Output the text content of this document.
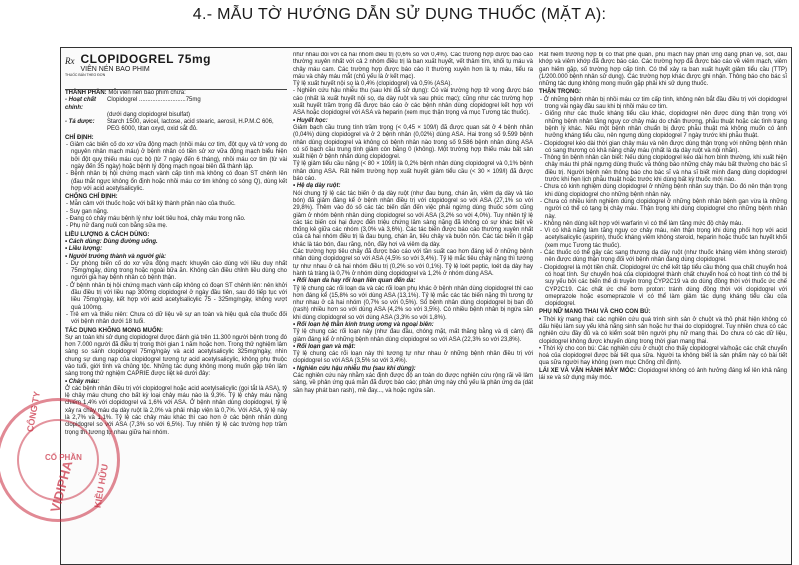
4.- MẪU TỜ HƯỚNG DẪN SỬ DỤNG THUỐC (MẶT A):
Rx
THUỐC BÁN THEO ĐƠN
CLOPIDOGREL 75mg
VIÊN NÉN BAO PHIM
THÀNH PHẦN: Mỗi viên nén bao phim chứa:
- Hoạt chất chính:
Clopidogrel ............................75mg
(dưới dạng clopidogrel bisulfat)
- Tá dược:	Starch 1500, avicel, lactose, acid stearic, aerosil, H.P.M.C 606, PEG 6000, titan oxyd, oxid sắt đỏ.
CHỈ ĐỊNH:
- Giảm các biến cố do xơ vữa động mạch (nhồi máu cơ tim, đột quỵ và tử vong do nguyên nhân mạch máu) ở bệnh nhân có tiền sử xơ vữa động mạch biểu hiện bởi đột quỵ thiếu máu cục bộ (từ 7 ngày đến 6 tháng), nhồi máu cơ tim (từ vài ngày đến 35 ngày) hoặc bệnh lý động mạch ngoại biên đã thành lập.
- Bệnh nhân bị hội chứng mạch vành cấp tính mà không có đoạn ST chênh lên (đau thắt ngực không ổn định hoặc nhồi máu cơ tim không có sóng Q), dùng kết hợp với acid acetylsalicylic.
CHỐNG CHỈ ĐỊNH:
- Mẫn cảm với thuốc hoặc với bất kỳ thành phần nào của thuốc.
- Suy gan nặng.
- Đang có chảy máu bệnh lý như loét tiêu hoá, chảy máu trong não.
- Phụ nữ đang nuôi con bằng sữa mẹ.
LIỀU LƯỢNG & CÁCH DÙNG:
• Cách dùng: Dùng đường uống.
• Liều lượng:
• Người trưởng thành và người già:
- Dự phòng biến cố do xơ vữa động mạch: khuyến cáo dùng với liều duy nhất 75mg/ngày, dùng trong hoặc ngoài bữa ăn. Không cần điều chỉnh liều dùng cho người già hay bệnh nhân có bệnh thận.
- Ở bệnh nhân bị hội chứng mạch vành cấp không có đoạn ST chênh lên: nên khởi đầu điều trị với liều nạp 300mg clopidogrel ở ngày đầu tiên, sau đó tiếp tục với liều 75mg/ngày, kết hợp với acid acetylsalicylic 75 - 325mg/ngày, không vượt quá 100mg.
- Trẻ em và thiếu niên: Chưa có dữ liệu về sự an toàn và hiệu quả của thuốc đối với bệnh nhân dưới 18 tuổi.
TÁC DỤNG KHÔNG MONG MUỐN:
Sự an toàn khi sử dụng clopidogrel được đánh giá trên 11.300 người bệnh trong đó hơn 7.000 người đã điều trị trong thời gian 1 năm hoặc hơn. Trong thử nghiệm lâm sàng so sánh clopidogrel 75mg/ngày và acid acetylsalicylic 325mg/ngày, nhìn chung sự dung nạp của clopidogrel tương tự acid acetylsalicylic, không phụ thuộc vào tuổi, giới tính và chủng tộc. Những tác dụng không mong muốn gặp trên lâm sàng trong thử nghiệm CAPRIE được liệt kê dưới đây:
• Chảy máu:
Ở các bệnh nhân điều trị với clopidogrel hoặc acid acetylsalicylic (gọi tắt là ASA), tỷ lệ chảy máu chung cho bất kỳ loại chảy máu nào là 9,3%. Tỷ lệ chảy máu nặng chiếm 1,4% với clopidogrel và 1,6% với ASA. Ở bệnh nhân dùng clopidogrel, tỷ lệ xảy ra chảy máu dạ dày ruột là 2,0% và phải nhập viện là 0,7%. Với ASA, tỷ lệ này là 2,7% và 1,1%. Tỷ lệ các chảy máu khác thì cao hơn ở các bệnh nhân dùng clopidogrel so với ASA (7,3% so với 6,5%). Tuy nhiên tỷ lệ các trường hợp trầm trọng thì tương tự nhau giữa hai nhóm.
như nhau đối với cả hai nhóm điều trị (0,6% so với 0,4%). Các trường hợp được báo cáo thường xuyên nhất với cả 2 nhóm điều trị là ban xuất huyết, vết thâm tím, khối tụ máu và chảy máu cam. Các trường hợp được báo cáo ít thường xuyên hơn là tụ máu, tiểu ra máu và chảy máu mắt (chủ yếu là ở kết mạc).
Tỷ lệ xuất huyết nội sọ là 0,4% (clopidogrel) và 0,5% (ASA).
- Nghiên cứu hậu nhiễu thu (sau khi đã sử dụng): Có vài trường hợp tử vong được báo cáo (nhất là xuất huyết nội sọ, dạ dày ruột và sau phúc mạc); cũng như các trường hợp xuất huyết trầm trọng đã được báo cáo ở các bệnh nhân dùng clopidogrel kết hợp với ASA hoặc clopidogrel với ASA và heparin (xem mục thận trọng và mục Tương tác thuốc).
• Huyết học:
Giảm bạch cầu trung tính trầm trọng (< 0,45 × 109/l) đã được quan sát ở 4 bệnh nhân (0,04%) dùng clopidogrel và ở 2 bệnh nhân (0,02%) dùng ASA. Hai trong số 9.599 bệnh nhân dùng clopidogrel và không có bệnh nhân nào trong số 9.586 bệnh nhân dùng ASA có số bạch cầu trung tính giảm còn bằng 0 (không). Một trường hợp thiếu máu bất sản xuất hiện ở bệnh nhân dùng clopidogrel.
Tỷ lệ giảm tiểu cầu nặng (< 80 × 109/l) là 0,2% bệnh nhân dùng clopidogrel và 0,1% bệnh nhân dùng ASA. Rất hiếm trường hợp xuất huyết giảm tiểu cầu (< 30 × 109/l) đã được báo cáo.
• Hệ dạ dày ruột:
Nói chung tỷ lệ các tác biến ở dạ dày ruột (như đau bụng, chán ăn, viêm dạ dày và táo bón) đã giảm đáng kể ở bệnh nhân điều trị với clopidogrel so với ASA (27,1% so với 29,8%). Thêm vào đó số các tác biến dẫn đến việc phải ngừng dùng thuốc sớm cũng giảm ở nhóm bệnh nhân dùng clopidogrel so với ASA (3,2% so với 4,0%). Tuy nhiên tỷ lệ các tác biến coi hại được đến triệu chứng lâm sàng nặng đã không có sự khác biệt về thống kê giữa các nhóm (3,0% và 3,6%). Các tác biến được báo cáo thường xuyên nhất của cả hai nhóm điều trị là đau bụng, chán ăn, tiêu chảy và buồn nôn. Các tác biến ít gặp khác là táo bón, đau răng, nôn, đầy hơi và viêm dạ dày.
Các trường hợp tiêu chảy đã được báo cáo với tần suất cao hơn đáng kể ở những bệnh nhân dùng clopidogrel so với ASA (4,5% so với 3,4%). Tỷ lệ mắc tiêu chảy nặng thì tương tự như nhau ở cả hai nhóm điều trị (0,2% so với 0,1%). Tỷ lệ loét peptic, loét dạ dày hay hành tá tràng là 0,7% ở nhóm dùng clopidogrel và 1,2% ở nhóm dùng ASA.
• Rối loạn da hay rối loạn liên quan đến da:
Tỷ lệ chung các rối loạn da và các rối loạn phụ khác ở bệnh nhân dùng clopidogrel thì cao hơn đáng kể (15,8% so với dùng ASA (13,1%). Tỷ lệ mắc các tác biến nặng thì tương tự như nhau ở cả hai nhóm (0,7% so với 0,5%). Số bệnh nhân dùng clopidogrel bị ban đỏ (rash) nhiều hơn so với dùng ASA (4,2% so với 3,5%). Có nhiều bệnh nhân bị ngứa sần khi dùng clopidogrel so với dùng ASA (3,3% so với 1,8%).
• Rối loạn hệ thần kinh trung ương và ngoại biên:
Tỷ lệ chung các rối loạn này (như đau đầu, chóng mặt, mất thăng bằng và dị cảm) đã giảm đáng kể ở những bệnh nhân dùng clopidogrel so với ASA (22,3% so với 23,8%).
• Rối loạn gan và mật:
Tỷ lệ chung các rối loạn này thì tương tự như nhau ở những bệnh nhân điều trị với clopidogrel so với ASA (3,5% so với 3,4%).
• Nghiên cứu hậu nhiễu thu (sau khi dùng):
Các nghiên cứu này nhằm xác định được độ an toàn do được nghiên cứu rộng rãi về lâm sàng, về phản ứng quá mẫn đã được báo cáo; phản ứng này chủ yếu là phản ứng da (dát sần hay phát ban rash), mề đay..., và hoặc ngứa sần.
Rất hiếm trường hợp bị co thắt phế quản, phù mạch hay phản ứng dạng phản vệ, sốt, đau khớp và viêm khớp đã được báo cáo. Các trường hợp đã được báo cáo về viêm mạch, viêm gan hiếm gặp, số trường hợp cấp tính. Có thể xảy ra ban xuất huyết giảm tiểu cầu (TTP) (1/200.000 bệnh nhân sử dụng). Các trường hợp khác được ghi nhận. Thông báo cho bác sĩ những tác dụng không mong muốn gặp phải khi sử dụng thuốc.
THẬN TRỌNG:
- Ở những bệnh nhân bị nhồi máu cơ tim cấp tính, không nên bắt đầu điều trị với clopidogrel trong vài ngày đầu sau khi bị nhồi máu cơ tim.
- Giống như các thuốc kháng tiểu cầu khác, clopidogrel nên được dùng thận trọng với những bệnh nhân tăng nguy cơ chảy máu do chấn thương, phẫu thuật hoặc các tình trạng bệnh lý khác. Nếu một bệnh nhân chuẩn bị được phẫu thuật mà không muốn có ảnh hưởng kháng tiểu cầu, nên ngưng dùng clopidogrel 7 ngày trước khi phẫu thuật.
- Clopidogrel kéo dài thời gian chảy máu và nên được dùng thận trọng với những bệnh nhân có sang thương có khả năng chảy máu (nhất là dạ dày ruột và nội nhãn).
- Thông tin bệnh nhân cần biết: Nếu dùng clopidogrel kéo dài hơn bình thường, khi xuất hiện chảy máu thì phải ngưng dùng thuốc và thông báo những chảy máu bất thường cho bác sĩ điều trị. Người bệnh nên thông báo cho bác sĩ và nha sĩ biết mình đang dùng clopidogrel trước khi hẹn lịch phẫu thuật hoặc trước khi dùng bất kỳ thuốc mới nào.
- Chưa có kinh nghiệm dùng clopidogrel ở những bệnh nhân suy thận. Do đó nên thận trọng khi dùng clopidogrel cho những bệnh nhân này.
- Chưa có nhiều kinh nghiệm dùng clopidogrel ở những bệnh nhân bệnh gan vừa là những người có thể có tạng bị chảy máu. Thận trọng khi dùng clopidogrel cho những bệnh nhân này.
- Không nên dùng kết hợp với warfarin vì có thể làm tăng mức độ chảy máu.
- Vì có khả năng làm tăng nguy cơ chảy máu, nên thận trọng khi dùng phối hợp với acid acetylsalicylic (aspirin), thuốc kháng viêm không steroid, heparin hoặc thuốc tan huyết khối (xem mục Tương tác thuốc).
- Các thuốc có thể gây các sang thương dạ dày ruột (như thuốc kháng viêm không steroid) nên được dùng thận trọng đối với bệnh nhân đang dùng clopidogrel.
- Clopidogrel là một tiền chất. Clopidogrel ức chế kết tập tiểu cầu thông qua chất chuyển hoá có hoạt tính. Sự chuyển hoá của clopidogrel thành chất chuyển hoá có hoạt tính có thể bị suy yếu bởi các biến thể di truyền trong CYP2C19 và do dùng đồng thời với thuốc ức chế CYP2C19. Các chất ức chế bơm proton: tránh dùng đồng thời với clopidogrel với omeprazole hoặc esomeprazole vì có thể làm giảm tác dụng kháng tiểu cầu của clopidogrel.
PHỤ NỮ MANG THAI VÀ CHO CON BÚ:
• Thời kỳ mang thai: các nghiên cứu quá trình sinh sản ở chuột và thỏ phát hiện không có dấu hiệu làm suy yếu khả năng sinh sản hoặc hư thai do clopidogrel. Tuy nhiên chưa có các nghiên cứu đầy đủ và có kiểm soát trên người phụ nữ mang thai. Do chưa có các dữ liệu, clopidogrel không được khuyến dùng trong thời gian mang thai.
• Thời kỳ cho con bú: Các nghiên cứu ở chuột cho thấy clopidogrel và/hoặc các chất chuyển hoá của clopidogrel được bài tiết qua sữa. Người ta không biết là sản phẩm này có bài tiết qua sữa người hay không (xem mục Chống chỉ định).
LÁI XE VÀ VẬN HÀNH MÁY MÓC: Clopidogrel không có ảnh hưởng đáng kể lên khả năng lái xe và sử dụng máy móc.
CÔNG TY
CỔ PHẦN
VIDIPHA KIỀU HỮU
